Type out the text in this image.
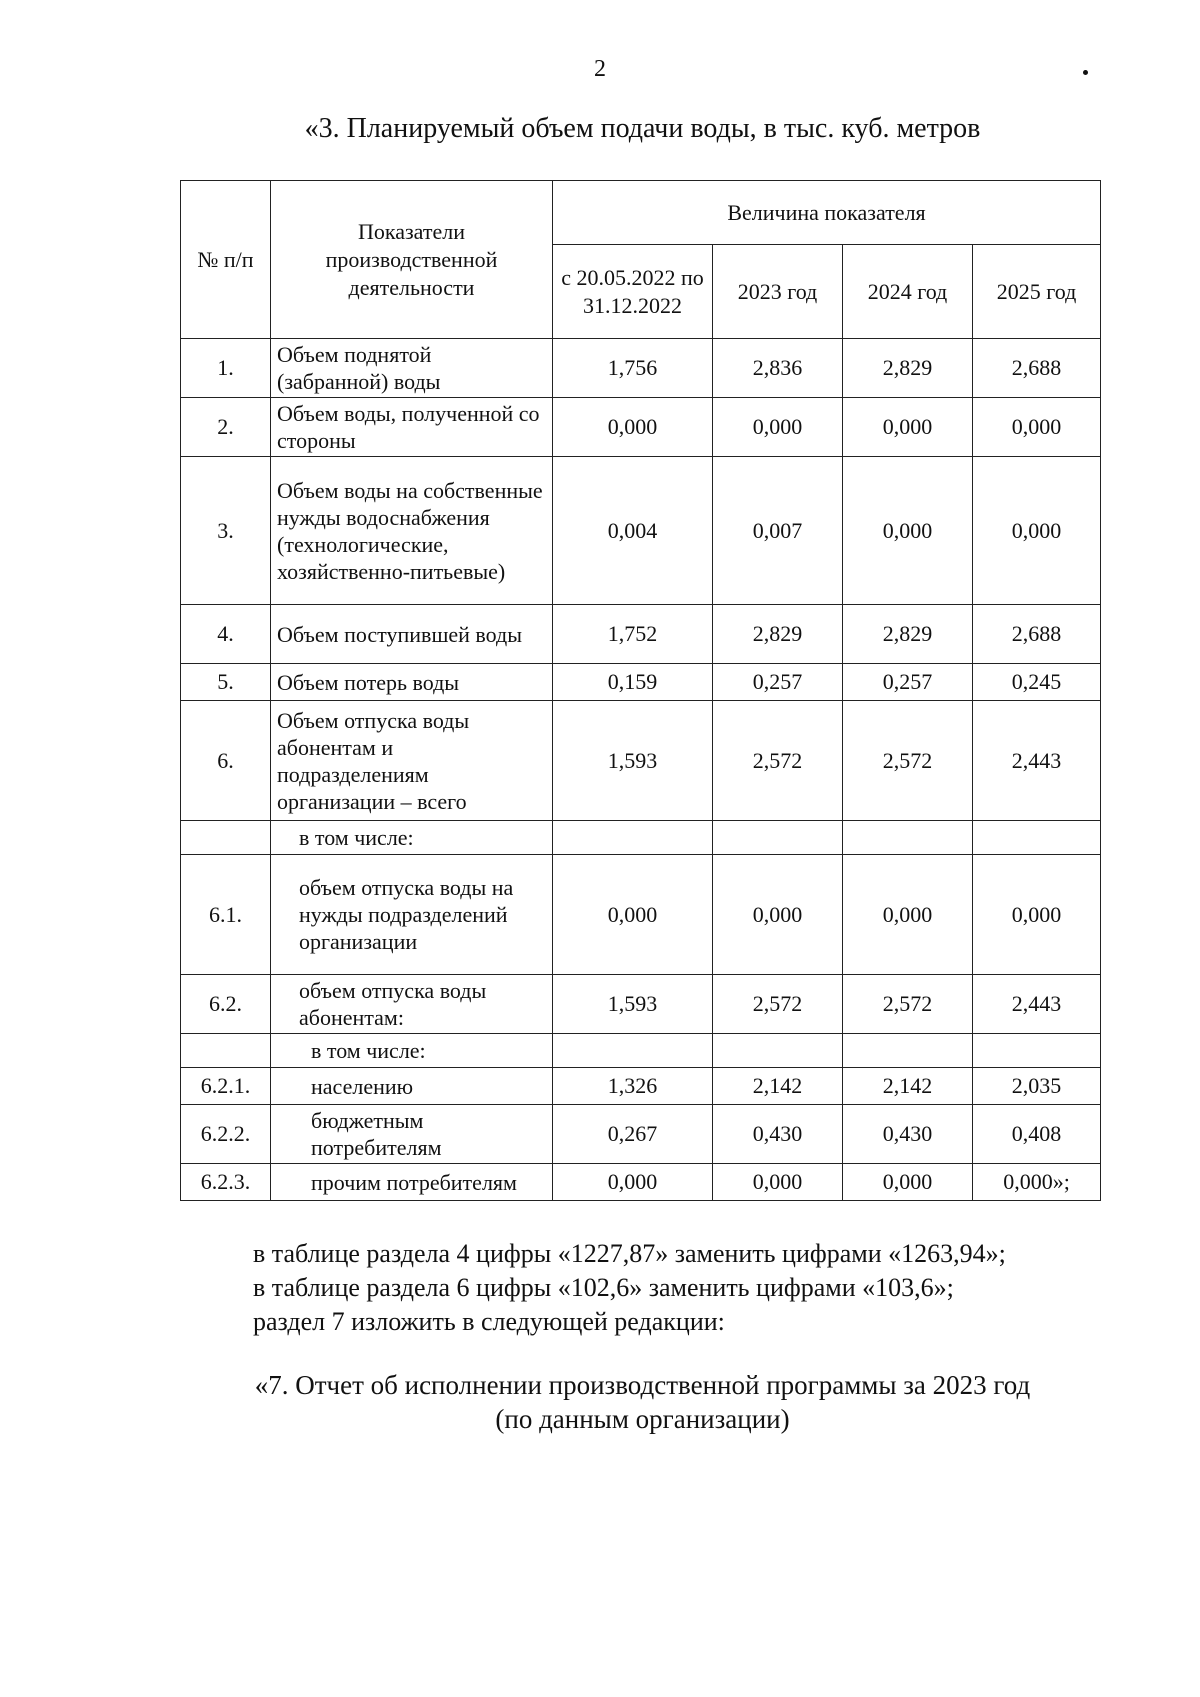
2
«3. Планируемый объем подачи воды, в тыс. куб. метров
№ п/п	Показатели производственной деятельности	Величина показателя			
		с 20.05.2022 по 31.12.2022	2023 год	2024 год	2025 год
1.	Объем поднятой (забранной) воды	1,756	2,836	2,829	2,688
2.	Объем воды, полученной со стороны	0,000	0,000	0,000	0,000
3.	Объем воды на собственные нужды водоснабжения (технологические, хозяйственно-питьевые)	0,004	0,007	0,000	0,000
4.	Объем поступившей воды	1,752	2,829	2,829	2,688
5.	Объем потерь воды	0,159	0,257	0,257	0,245
6.	Объем отпуска воды абонентам и подразделениям организации – всего	1,593	2,572	2,572	2,443
	в том числе:				
6.1.	объем отпуска воды на нужды подразделений организации	0,000	0,000	0,000	0,000
6.2.	объем отпуска воды абонентам:	1,593	2,572	2,572	2,443
	в том числе:				
6.2.1.	населению	1,326	2,142	2,142	2,035
6.2.2.	бюджетным потребителям	0,267	0,430	0,430	0,408
6.2.3.	прочим потребителям	0,000	0,000	0,000	0,000»;
в таблице раздела 4 цифры «1227,87» заменить цифрами «1263,94»;
в таблице раздела 6 цифры «102,6» заменить цифрами «103,6»;
раздел 7 изложить в следующей редакции:
«7. Отчет об исполнении производственной программы за 2023 год
(по данным организации)
